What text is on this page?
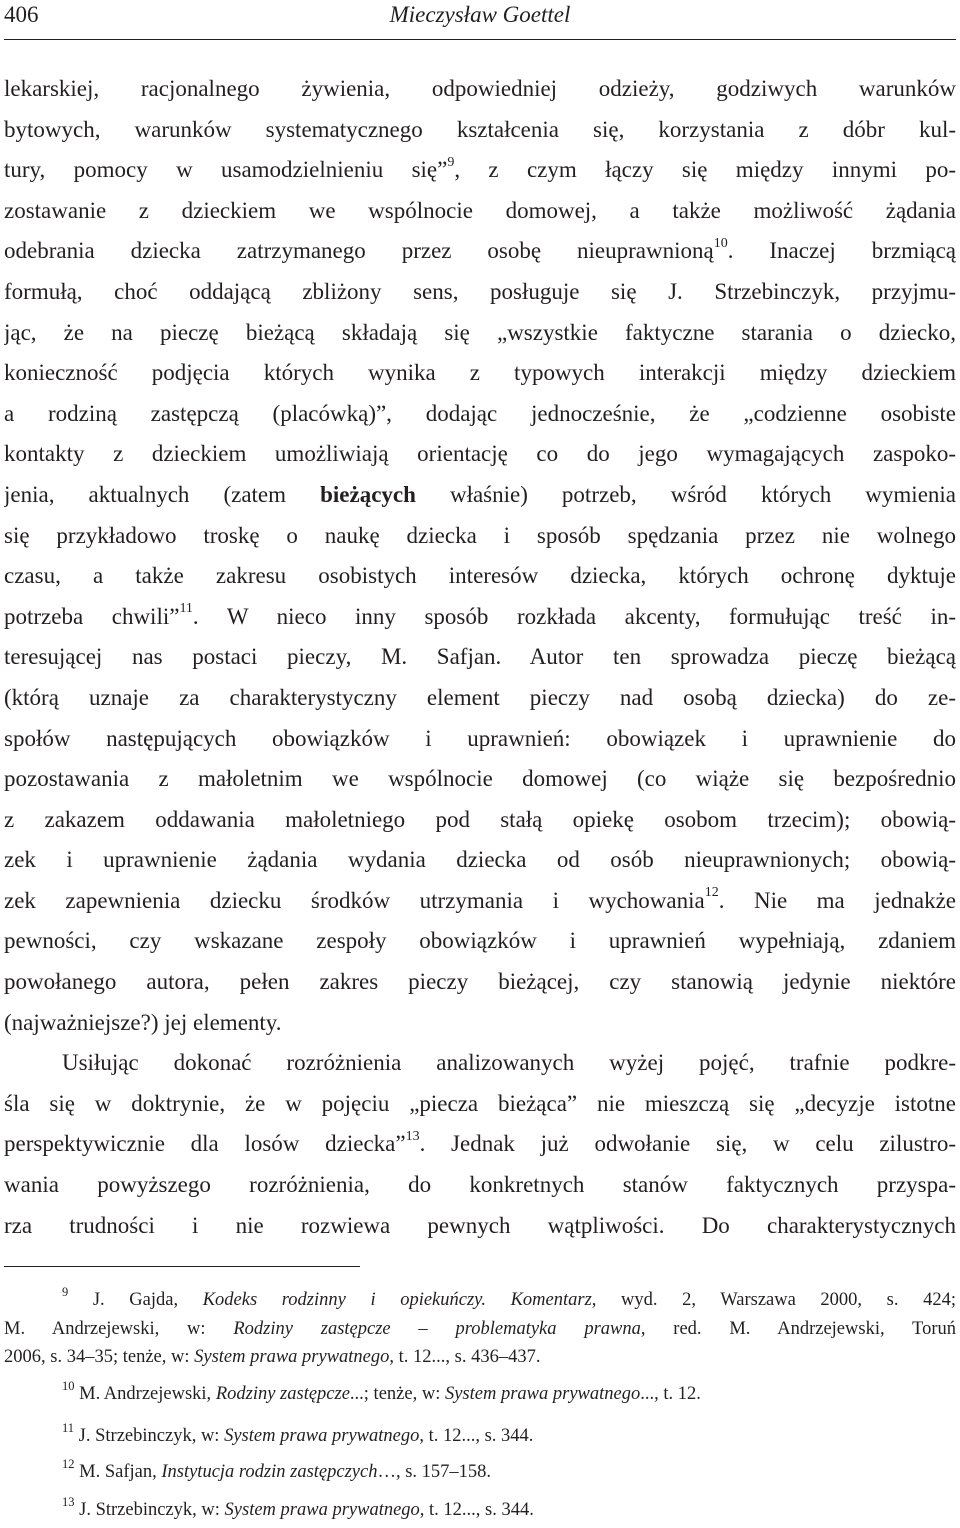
406	Mieczysław Goettel
lekarskiej, racjonalnego żywienia, odpowiedniej odzieży, godziwych warunków
bytowych, warunków systematycznego kształcenia się, korzystania z dóbr kul-
tury, pomocy w usamodzielnieniu się”$^9$, z czym łączy się między innymi po-
zostawanie z dzieckiem we wspólnocie domowej, a także możliwość żądania
odebrania dziecka zatrzymanego przez osobę nieuprawnioną$^{10}$. Inaczej brzmiącą
formułą, choć oddającą zbliżony sens, posługuje się J. Strzebinczyk, przyjmu-
jąc, że na pieczę bieżącą składają się „wszystkie faktyczne starania o dziecko,
konieczność podjęcia których wynika z typowych interakcji między dzieckiem
a rodziną zastępczą (placówką)”, dodając jednocześnie, że „codzienne osobiste
kontakty z dzieckiem umożliwiają orientację co do jego wymagających zaspoko-
jenia, aktualnych (zatem bieżących właśnie) potrzeb, wśród których wymienia
się przykładowo troskę o naukę dziecka i sposób spędzania przez nie wolnego
czasu, a także zakresu osobistych interesów dziecka, których ochronę dyktuje
potrzeba chwili”$^{11}$. W nieco inny sposób rozkłada akcenty, formułując treść in-
teresującej nas postaci pieczy, M. Safjan. Autor ten sprowadza pieczę bieżącą
(którą uznaje za charakterystyczny element pieczy nad osobą dziecka) do ze-
społów następujących obowiązków i uprawnień: obowiązek i uprawnienie do
pozostawania z małoletnim we wspólnocie domowej (co wiąże się bezpośrednio
z zakazem oddawania małoletniego pod stałą opiekę osobom trzecim); obowią-
zek i uprawnienie żądania wydania dziecka od osób nieuprawnionych; obowią-
zek zapewnienia dziecku środków utrzymania i wychowania$^{12}$. Nie ma jednakże
pewności, czy wskazane zespoły obowiązków i uprawnień wypełniają, zdaniem
powołanego autora, pełen zakres pieczy bieżącej, czy stanowią jedynie niektóre
(najważniejsze?) jej elementy.
Usiłując dokonać rozróżnienia analizowanych wyżej pojęć, trafnie podkre-
śla się w doktrynie, że w pojęciu „piecza bieżąca” nie mieszczą się „decyzje istotne
perspektywicznie dla losów dziecka”$^{13}$. Jednak już odwołanie się, w celu zilustro-
wania powyższego rozróżnienia, do konkretnych stanów faktycznych przyspa-
rza trudności i nie rozwiewa pewnych wątpliwości. Do charakterystycznych
$^9$ J. Gajda, Kodeks rodzinny i opiekuńczy. Komentarz, wyd. 2, Warszawa 2000, s. 424;
M. Andrzejewski, w: Rodziny zastępcze – problematyka prawna, red. M. Andrzejewski, Toruń
2006, s. 34–35; tenże, w: System prawa prywatnego, t. 12..., s. 436–437.
$^{10}$ M. Andrzejewski, Rodziny zastępcze...; tenże, w: System prawa prywatnego..., t. 12.
$^{11}$ J. Strzebinczyk, w: System prawa prywatnego, t. 12..., s. 344.
$^{12}$ M. Safjan, Instytucja rodzin zastępczych…, s. 157–158.
$^{13}$ J. Strzebinczyk, w: System prawa prywatnego, t. 12..., s. 344.
